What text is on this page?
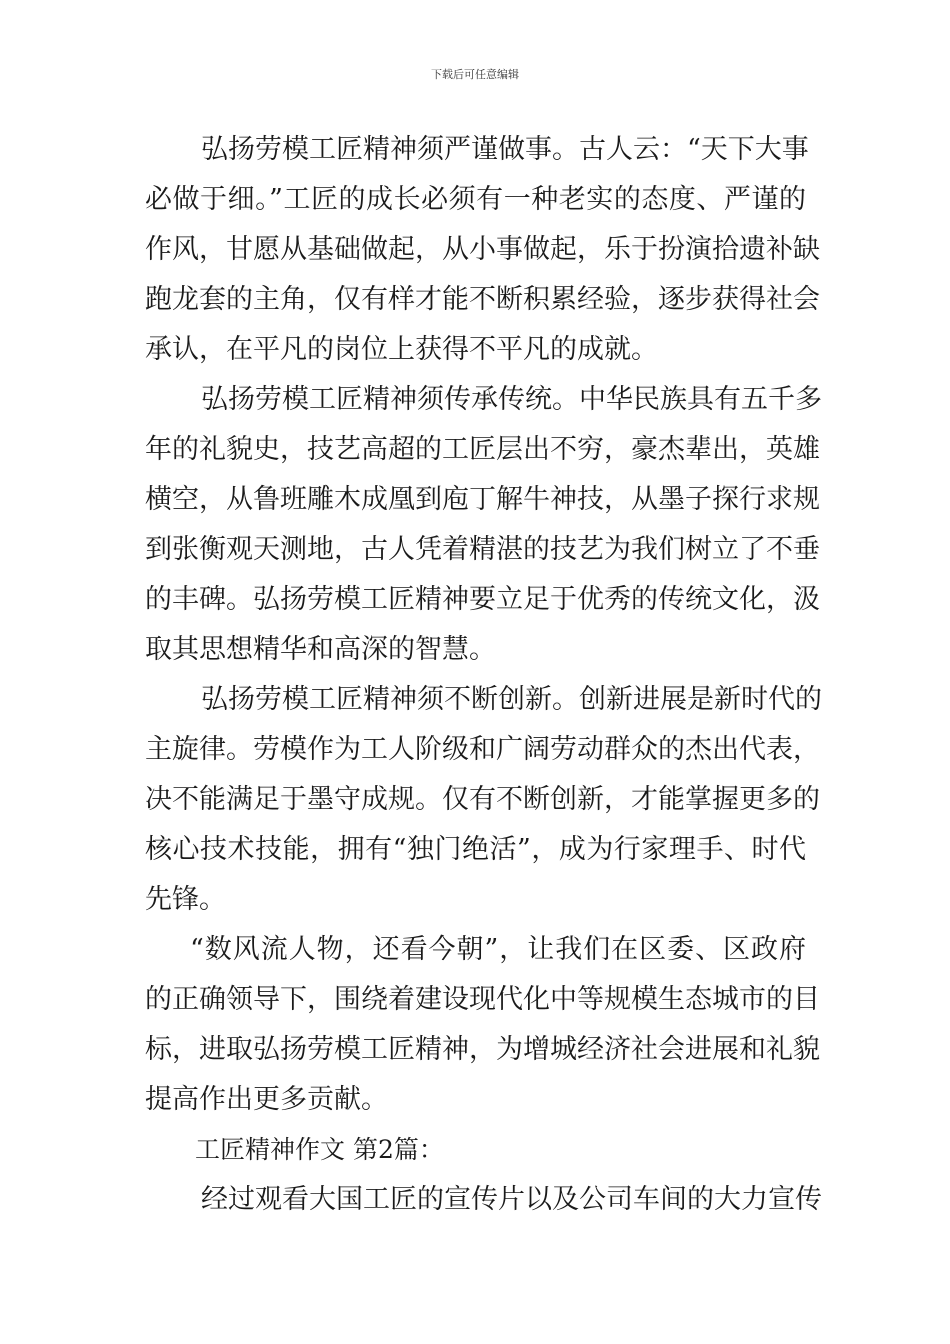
下载后可任意编辑
弘扬劳模工匠精神须严谨做事。古人云：“天下大事
必做于细。”工匠的成长必须有一种老实的态度、严谨的
作风，甘愿从基础做起，从小事做起，乐于扮演拾遗补缺
跑龙套的主角，仅有样才能不断积累经验，逐步获得社会
承认，在平凡的岗位上获得不平凡的成就。
弘扬劳模工匠精神须传承传统。中华民族具有五千多
年的礼貌史，技艺高超的工匠层出不穷，豪杰辈出，英雄
横空，从鲁班雕木成凰到庖丁解牛神技，从墨子探行求规
到张衡观天测地，古人凭着精湛的技艺为我们树立了不垂
的丰碑。弘扬劳模工匠精神要立足于优秀的传统文化，汲
取其思想精华和高深的智慧。
弘扬劳模工匠精神须不断创新。创新进展是新时代的
主旋律。劳模作为工人阶级和广阔劳动群众的杰出代表，
决不能满足于墨守成规。仅有不断创新，才能掌握更多的
核心技术技能，拥有“独门绝活”，成为行家理手、时代
先锋。
“数风流人物，还看今朝”，让我们在区委、区政府
的正确领导下，围绕着建设现代化中等规模生态城市的目
标，进取弘扬劳模工匠精神，为增城经济社会进展和礼貌
提高作出更多贡献。
工匠精神作文 第2篇：
经过观看大国工匠的宣传片以及公司车间的大力宣传
